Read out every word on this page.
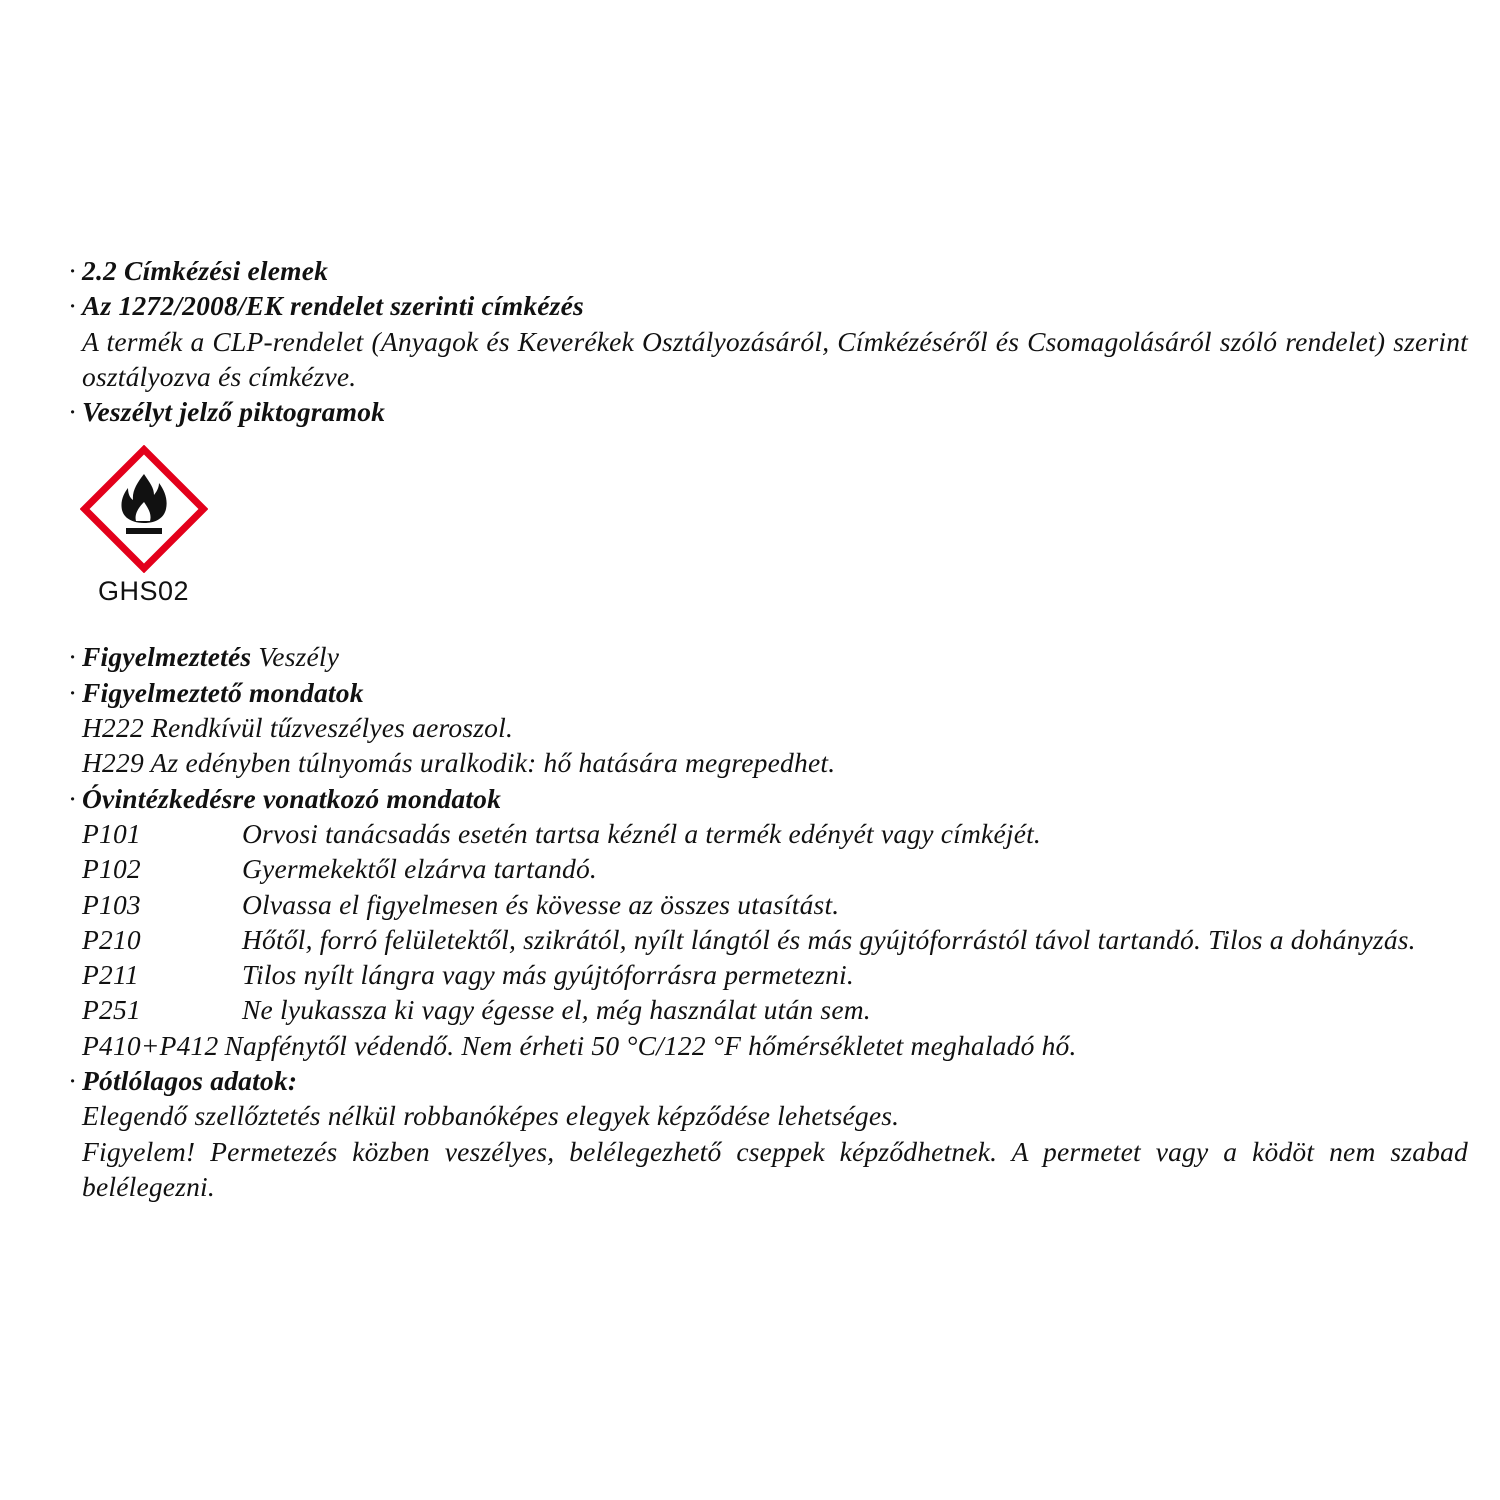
· 2.2 Címkézési elemek
· Az 1272/2008/EK rendelet szerinti címkézés
A termék a CLP-rendelet (Anyagok és Keverékek Osztályozásáról, Címkézéséről és Csomagolásáról szóló rendelet) szerint osztályozva és címkézve.
· Veszélyt jelző piktogramok
GHS02
· Figyelmeztetés Veszély
· Figyelmeztető mondatok
H222 Rendkívül tűzveszélyes aeroszol.
H229 Az edényben túlnyomás uralkodik: hő hatására megrepedhet.
· Óvintézkedésre vonatkozó mondatok
P101	Orvosi tanácsadás esetén tartsa kéznél a termék edényét vagy címkéjét.
P102	Gyermekektől elzárva tartandó.
P103	Olvassa el figyelmesen és kövesse az összes utasítást.
P210	Hőtől, forró felületektől, szikrától, nyílt lángtól és más gyújtóforrástól távol tartandó. Tilos a dohányzás.
P211	Tilos nyílt lángra vagy más gyújtóforrásra permetezni.
P251	Ne lyukassza ki vagy égesse el, még használat után sem.
P410+P412 Napfénytől védendő. Nem érheti 50 °C/122 °F hőmérsékletet meghaladó hő.
· Pótlólagos adatok:
Elegendő szellőztetés nélkül robbanóképes elegyek képződése lehetséges.
Figyelem! Permetezés közben veszélyes, belélegezhető cseppek képződhetnek. A permetet vagy a ködöt nem szabad belélegezni.
